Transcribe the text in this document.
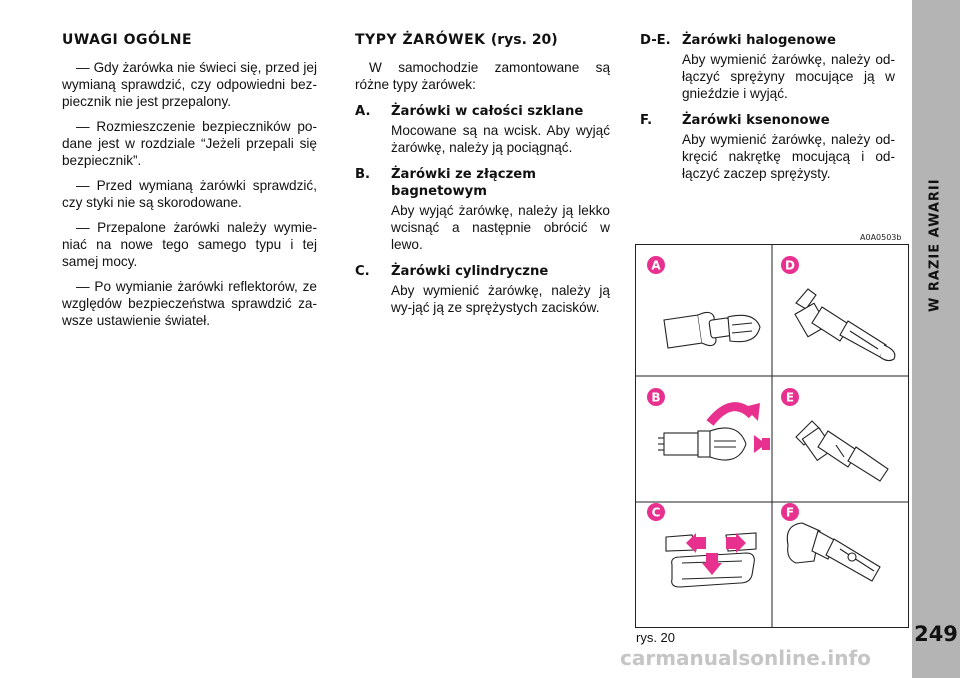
W RAZIE AWARII
249
UWAGI OGÓLNE

— Gdy żarówka nie świeci się, przed jej wymianą sprawdzić, czy odpowiedni bez-piecznik nie jest przepalony.

— Rozmieszczenie bezpieczników po-dane jest w rozdziale “Jeżeli przepali się bezpiecznik”.

— Przed wymianą żarówki sprawdzić, czy styki nie są skorodowane.

— Przepalone żarówki należy wymie-niać na nowe tego samego typu i tej samej mocy.

— Po wymianie żarówki reflektorów, ze względów bezpieczeństwa sprawdzić za-wsze ustawienie świateł.

TYPY ŻARÓWEK (rys. 20)

W samochodzie zamontowane są różne typy żarówek:

A.	Żarówki w całości szklane

Mocowane są na wcisk. Aby wyjąć żarówkę, należy ją pociągnąć.

B.	Żarówki ze złączem bagnetowym

Aby wyjąć żarówkę, należy ją lekko wcisnąć a następnie obrócić w lewo.

C.	Żarówki cylindryczne

Aby wymienić żarówkę, należy ją wy-jąć ją ze sprężystych zacisków.

D-E. Żarówki halogenowe

Aby wymienić żarówkę, należy od-łączyć sprężyny mocujące ją w gnieździe i wyjąć.

F.	Żarówki ksenonowe

Aby wymienić żarówkę, należy od-kręcić nakrętkę mocującą i od-łączyć zaczep sprężysty.

A0A0503b
A	D
B	E
C	F
rys. 20
carmanualsonline.info
